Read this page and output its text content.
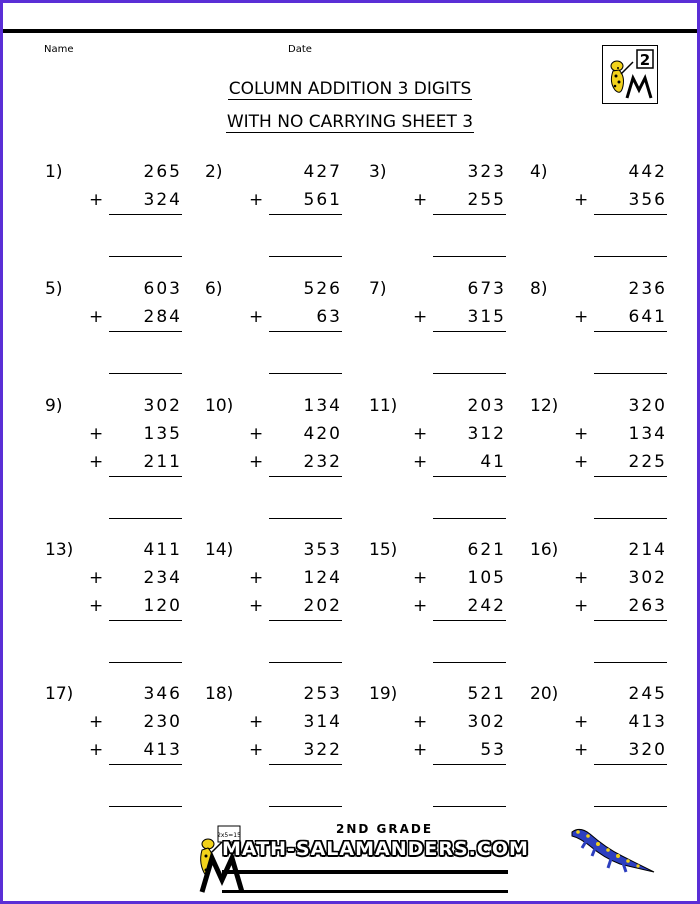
Name	Date
COLUMN ADDITION 3 DIGITS
WITH NO CARRYING SHEET 3
2
1)	265
+ 324
2)	427
+ 561
3)	323
+ 255
4)	442
+ 356
5)	603
+ 284
6)	526
+	63
7)	673
+ 315
8)	236
+ 641
9)	302
+ 135
+ 211
10)	134
+ 420
+ 232
11)	203
+ 312
+	41
12)	320
+ 134
+ 225
13)	411
+ 234
+ 120
14)	353
+ 124
+ 202
15)	621
+ 105
+ 242
16)	214
+ 302
+ 263
17)	346
+ 230
+ 413
18)	253
+ 314
+ 322
19)	521
+ 302
+	53
20)	245
+ 413
+ 320
2x5=15	2ND GRADE
MATH-SALAMANDERS.COM
